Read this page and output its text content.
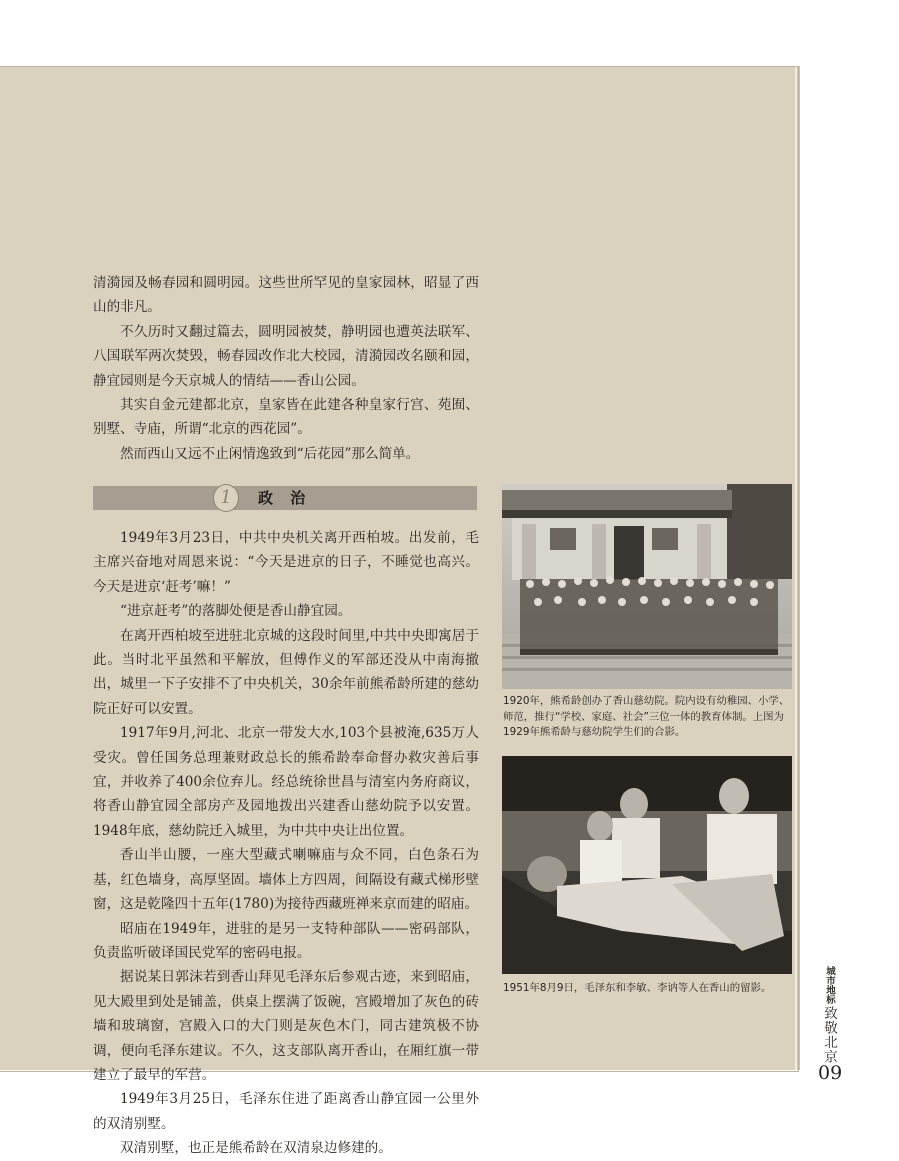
清漪园及畅春园和圆明园。这些世所罕见的皇家园林，昭显了西山的非凡。

不久历时又翻过篇去，圆明园被焚，静明园也遭英法联军、八国联军两次焚毁，畅春园改作北大校园，清漪园改名颐和园，静宜园则是今天京城人的情结——香山公园。

其实自金元建都北京，皇家皆在此建各种皇家行宫、苑囿、别墅、寺庙，所谓“北京的西花园”。

然而西山又远不止闲情逸致到“后花园”那么简单。

1	政 治

1949年3月23日，中共中央机关离开西柏坡。出发前，毛主席兴奋地对周恩来说：“今天是进京的日子，不睡觉也高兴。今天是进京‘赶考’嘛！”

“进京赶考”的落脚处便是香山静宜园。

在离开西柏坡至进驻北京城的这段时间里,中共中央即寓居于此。当时北平虽然和平解放，但傅作义的军部还没从中南海撤出，城里一下子安排不了中央机关，30余年前熊希龄所建的慈幼院正好可以安置。

1917年9月,河北、北京一带发大水,103个县被淹,635万人受灾。曾任国务总理兼财政总长的熊希龄奉命督办救灾善后事宜，并收养了400余位弃儿。经总统徐世昌与清室内务府商议，将香山静宜园全部房产及园地拨出兴建香山慈幼院予以安置。1948年底，慈幼院迁入城里，为中共中央让出位置。

香山半山腰，一座大型藏式喇嘛庙与众不同，白色条石为基，红色墙身，高厚坚固。墙体上方四周，间隔设有藏式梯形壁窗，这是乾隆四十五年(1780)为接待西藏班禅来京而建的昭庙。

昭庙在1949年，进驻的是另一支特种部队——密码部队，负责监听破译国民党军的密码电报。

据说某日郭沫若到香山拜见毛泽东后参观古迹，来到昭庙，见大殿里到处是铺盖，供桌上摆满了饭碗，宫殿增加了灰色的砖墙和玻璃窗，宫殿入口的大门则是灰色木门，同古建筑极不协调，便向毛泽东建议。不久，这支部队离开香山，在厢红旗一带建立了最早的军营。

1949年3月25日，毛泽东住进了距离香山静宜园一公里外的双清别墅。

双清别墅，也正是熊希龄在双清泉边修建的。

1920年，熊希龄创办了香山慈幼院。院内设有幼稚园、小学、师范，推行“学校、家庭、社会”三位一体的教育体制。上图为1929年熊希龄与慈幼院学生们的合影。
1951年8月9日，毛泽东和李敏、李讷等人在香山的留影。	城市地标
致敬北京
09
